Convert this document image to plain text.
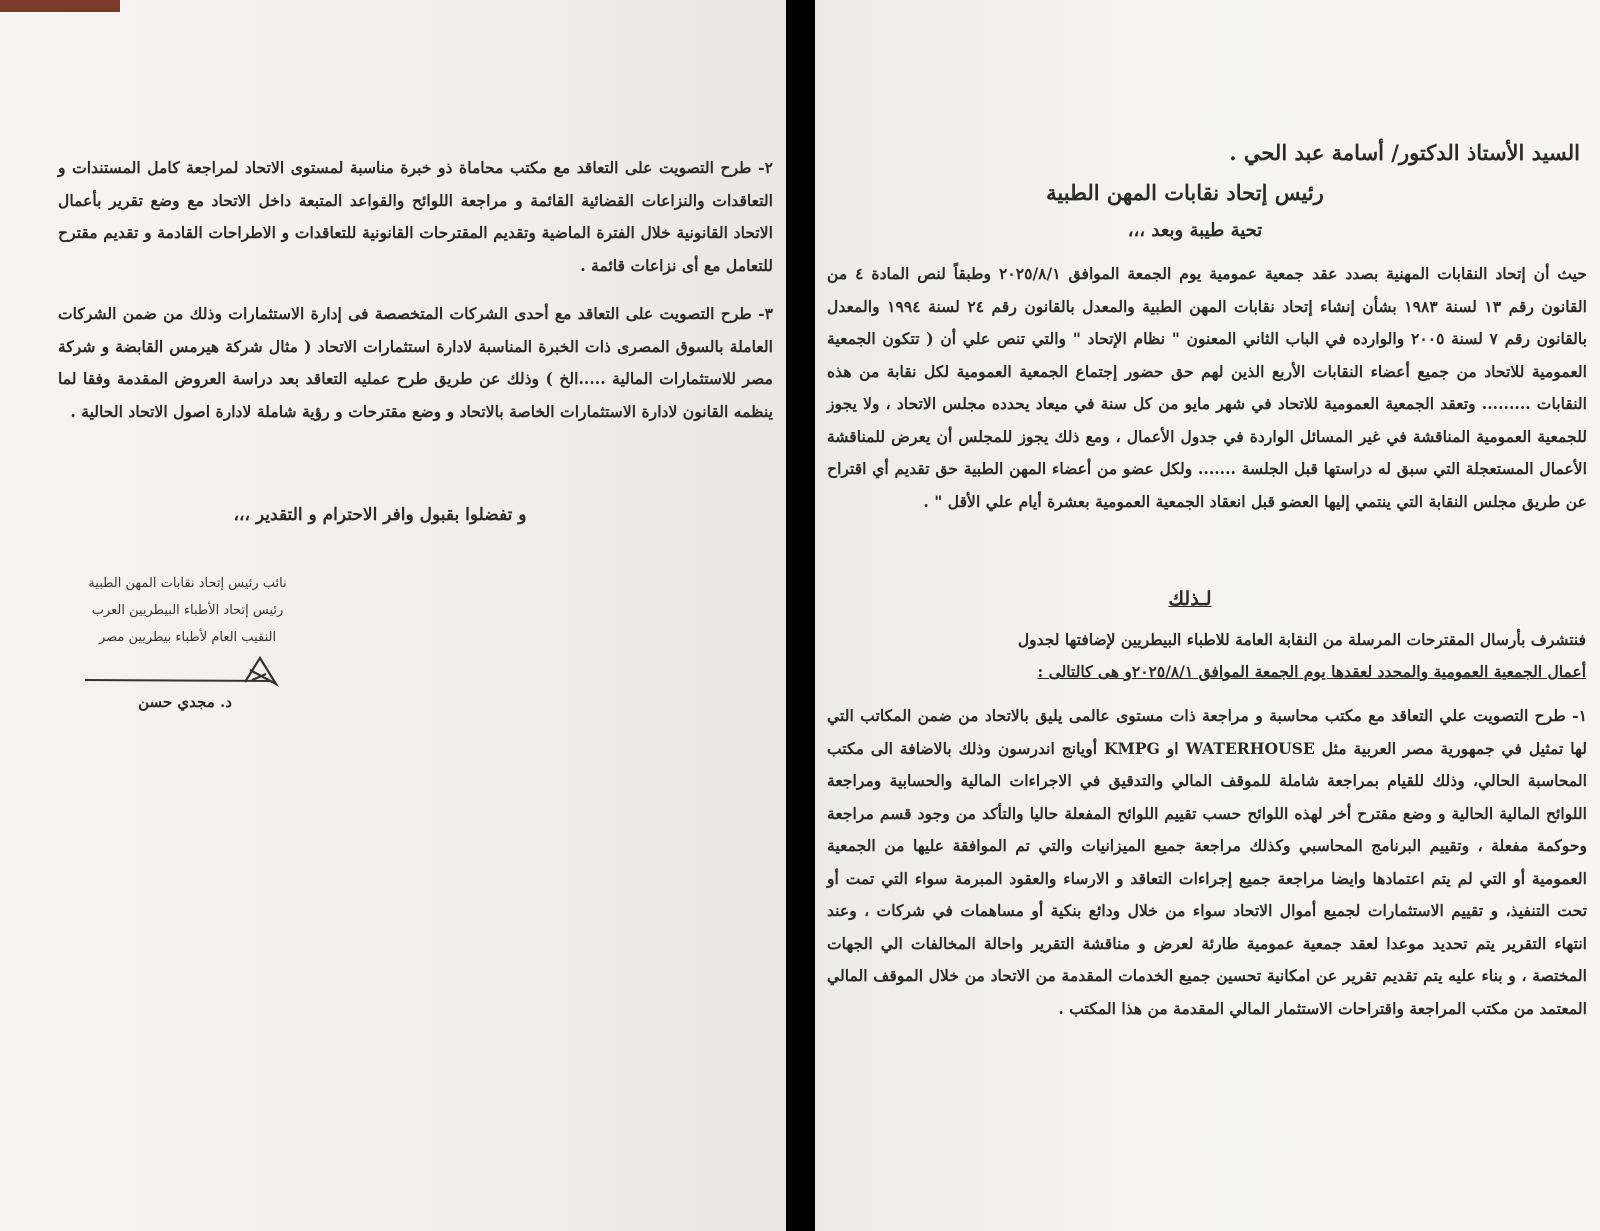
٢- طرح التصويت على التعاقد مع مكتب محاماة ذو خبرة مناسبة لمستوى الاتحاد لمراجعة كامل المستندات و التعاقدات والنزاعات القضائية القائمة و مراجعة اللوائح والقواعد المتبعة داخل الاتحاد مع وضع تقرير بأعمال الاتحاد القانونية خلال الفترة الماضية وتقديم المقترحات القانونية للتعاقدات و الاطراحات القادمة و تقديم مقترح للتعامل مع أى نزاعات قائمة .
٣- طرح التصويت على التعاقد مع أحدى الشركات المتخصصة فى إدارة الاستثمارات وذلك من ضمن الشركات العاملة بالسوق المصرى ذات الخبرة المناسبة لادارة استثمارات الاتحاد ( مثال شركة هيرمس القابضة و شركة مصر للاستثمارات المالية .....الخ ) وذلك عن طريق طرح عمليه التعاقد بعد دراسة العروض المقدمة وفقا لما ينظمه القانون لادارة الاستثمارات الخاصة بالاتحاد و وضع مقترحات و رؤية شاملة لادارة اصول الاتحاد الحالية .
و تفضلوا بقبول وافر الاحترام و التقدير ،،،
نائب رئيس إتحاد نقابات المهن الطبية
رئيس إتحاد الأطباء البيطريين العرب
النقيب العام لأطباء بيطريين مصر
د. مجدي حسن
السيد الأستاذ الدكتور/ أسامة عبد الحي .
رئيس إتحاد نقابات المهن الطبية
تحية طيبة وبعد ،،،
حيث أن إتحاد النقابات المهنية بصدد عقد جمعية عمومية يوم الجمعة الموافق ٢٠٢٥/٨/١ وطبقاً لنص المادة ٤ من القانون رقم ١٣ لسنة ١٩٨٣ بشأن إنشاء إتحاد نقابات المهن الطبية والمعدل بالقانون رقم ٢٤ لسنة ١٩٩٤ والمعدل بالقانون رقم ٧ لسنة ٢٠٠٥ والوارده في الباب الثاني المعنون " نظام الإتحاد " والتي تنص علي أن ( تتكون الجمعية العمومية للاتحاد من جميع أعضاء النقابات الأربع الذين لهم حق حضور إجتماع الجمعية العمومية لكل نقابة من هذه النقابات ......... وتعقد الجمعية العمومية للاتحاد في شهر مايو من كل سنة في ميعاد يحدده مجلس الاتحاد ، ولا يجوز للجمعية العمومية المناقشة في غير المسائل الواردة في جدول الأعمال ، ومع ذلك يجوز للمجلس أن يعرض للمناقشة الأعمال المستعجلة التي سبق له دراستها قبل الجلسة ....... ولكل عضو من أعضاء المهن الطبية حق تقديم أي اقتراح عن طريق مجلس النقابة التي ينتمي إليها العضو قبل انعقاد الجمعية العمومية بعشرة أيام علي الأقل " .
لـذلك
فنتشرف بأرسال المقترحات المرسلة من النقابة العامة للاطباء البيطريين لإضافتها لجدول
أعمال الجمعية العمومية والمحدد لعقدها يوم الجمعة الموافق ٢٠٢٥/٨/١و هى كالتالى :
١- طرح التصويت علي التعاقد مع مكتب محاسبة و مراجعة ذات مستوى عالمى يليق بالاتحاد من ضمن المكاتب التي لها تمثيل في جمهورية مصر العربية مثل WATERHOUSE او KMPG أويانج اندرسون وذلك بالاضافة الى مكتب المحاسبة الحالي، وذلك للقيام بمراجعة شاملة للموقف المالي والتدقيق في الاجراءات المالية والحسابية ومراجعة اللوائح المالية الحالية و وضع مقترح أخر لهذه اللوائح حسب تقييم اللوائح المفعلة حاليا والتأكد من وجود قسم مراجعة وحوكمة مفعلة ، وتقييم البرنامج المحاسبي وكذلك مراجعة جميع الميزانيات والتي تم الموافقة عليها من الجمعية العمومية أو التي لم يتم اعتمادها وايضا مراجعة جميع إجراءات التعاقد و الارساء والعقود المبرمة سواء التي تمت أو تحت التنفيذ، و تقييم الاستثمارات لجميع أموال الاتحاد سواء من خلال ودائع بنكية أو مساهمات في شركات ، وعند انتهاء التقرير يتم تحديد موعدا لعقد جمعية عمومية طارئة لعرض و مناقشة التقرير واحالة المخالفات الي الجهات المختصة ، و بناء عليه يتم تقديم تقرير عن امكانية تحسين جميع الخدمات المقدمة من الاتحاد من خلال الموقف المالي المعتمد من مكتب المراجعة واقتراحات الاستثمار المالي المقدمة من هذا المكتب .
